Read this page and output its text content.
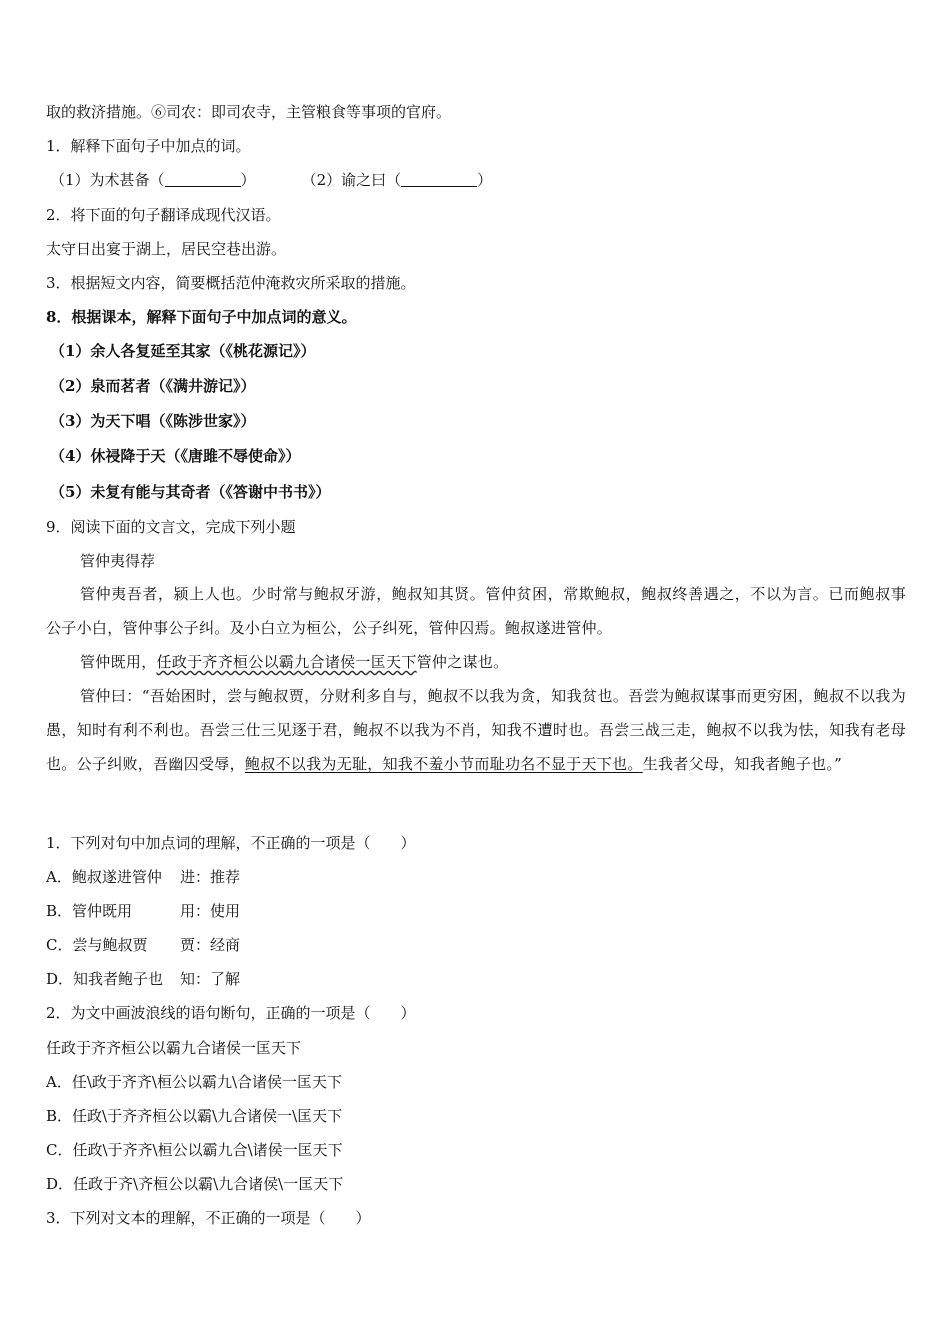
取的救济措施。⑥司农：即司农寺，主管粮食等事项的官府。
1．解释下面句子中加点的词。
（1）为术甚备（	）	（2）谕之曰（	）
2．将下面的句子翻译成现代汉语。
太守日出宴于湖上，居民空巷出游。
3．根据短文内容，简要概括范仲淹救灾所采取的措施。
8．根据课本，解释下面句子中加点词的意义。
（1）余人各复延至其家（《桃花源记》）
（2）泉而茗者（《满井游记》）
（3）为天下唱（《陈涉世家》）
（4）休祲降于天（《唐雎不辱使命》）
（5）未复有能与其奇者（《答谢中书书》）
9．阅读下面的文言文，完成下列小题
管仲夷得荐
管仲夷吾者，颍上人也。少时常与鲍叔牙游，鲍叔知其贤。管仲贫困，常欺鲍叔，鲍叔终善遇之，不以为言。已而鲍叔事公子小白，管仲事公子纠。及小白立为桓公，公子纠死，管仲囚焉。鲍叔遂进管仲。
管仲既用，任政于齐齐桓公以霸九合诸侯一匡天下管仲之谋也。
管仲曰：“吾始困时，尝与鲍叔贾，分财利多自与，鲍叔不以我为贪，知我贫也。吾尝为鲍叔谋事而更穷困，鲍叔不以我为愚，知时有利不利也。吾尝三仕三见逐于君，鲍叔不以我为不肖，知我不遭时也。吾尝三战三走，鲍叔不以我为怯，知我有老母也。公子纠败，吾幽囚受辱，鲍叔不以我为无耻，知我不羞小节而耻功名不显于天下也。生我者父母，知我者鲍子也。”
1．下列对句中加点词的理解，不正确的一项是（　　）
A．鲍叔遂进管仲 进：推荐
B．管仲既用	用：使用
C．尝与鲍叔贾 贾：经商
D．知我者鲍子也 知：了解
2．为文中画波浪线的语句断句，正确的一项是（　　）
任政于齐齐桓公以霸九合诸侯一匡天下
A．任\政于齐齐\桓公以霸九\合诸侯一匡天下
B．任政\于齐齐桓公以霸\九合诸侯一\匡天下
C．任政\于齐齐\桓公以霸九合\诸侯一匡天下
D．任政于齐\齐桓公以霸\九合诸侯\一匡天下
3．下列对文本的理解，不正确的一项是（　　）
